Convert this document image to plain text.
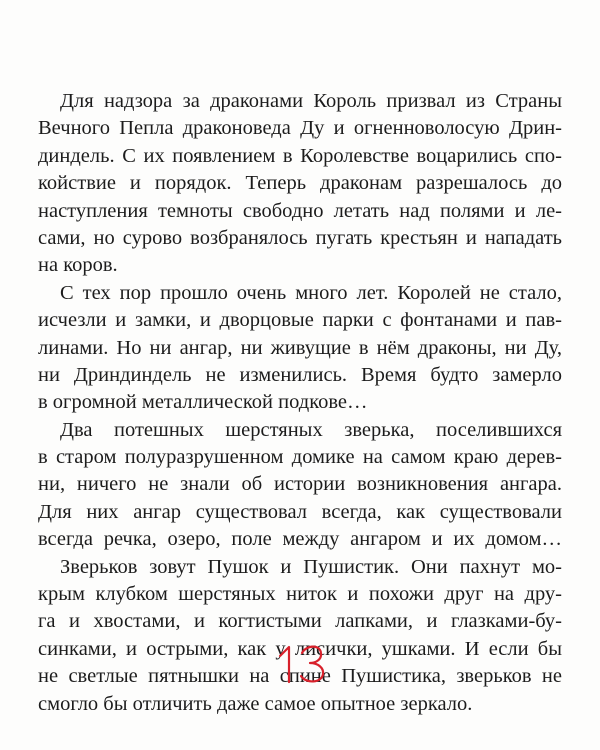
Для надзора за драконами Король призвал из Страны
Вечного Пепла драконоведа Ду и огненноволосую Дрин-
диндель. С их появлением в Королевстве воцарились спо-
койствие и порядок. Теперь драконам разрешалось до
наступления темноты свободно летать над полями и ле-
сами, но сурово возбранялось пугать крестьян и нападать
на коров.
С тех пор прошло очень много лет. Королей не стало,
исчезли и замки, и дворцовые парки с фонтанами и пав-
линами. Но ни ангар, ни живущие в нём драконы, ни Ду,
ни Дриндиндель не изменились. Время будто замерло
в огромной металлической подкове…
Два потешных шерстяных зверька, поселившихся
в старом полуразрушенном домике на самом краю дерев-
ни, ничего не знали об истории возникновения ангара.
Для них ангар существовал всегда, как существовали
всегда речка, озеро, поле между ангаром и их домом…
Зверьков зовут Пушок и Пушистик. Они пахнут мо-
крым клубком шерстяных ниток и похожи друг на дру-
га и хвостами, и когтистыми лапками, и глазками-бу-
синками, и острыми, как у лисички, ушками. И если бы
не светлые пятнышки на спине Пушистика, зверьков не
смогло бы отличить даже самое опытное зеркало.
